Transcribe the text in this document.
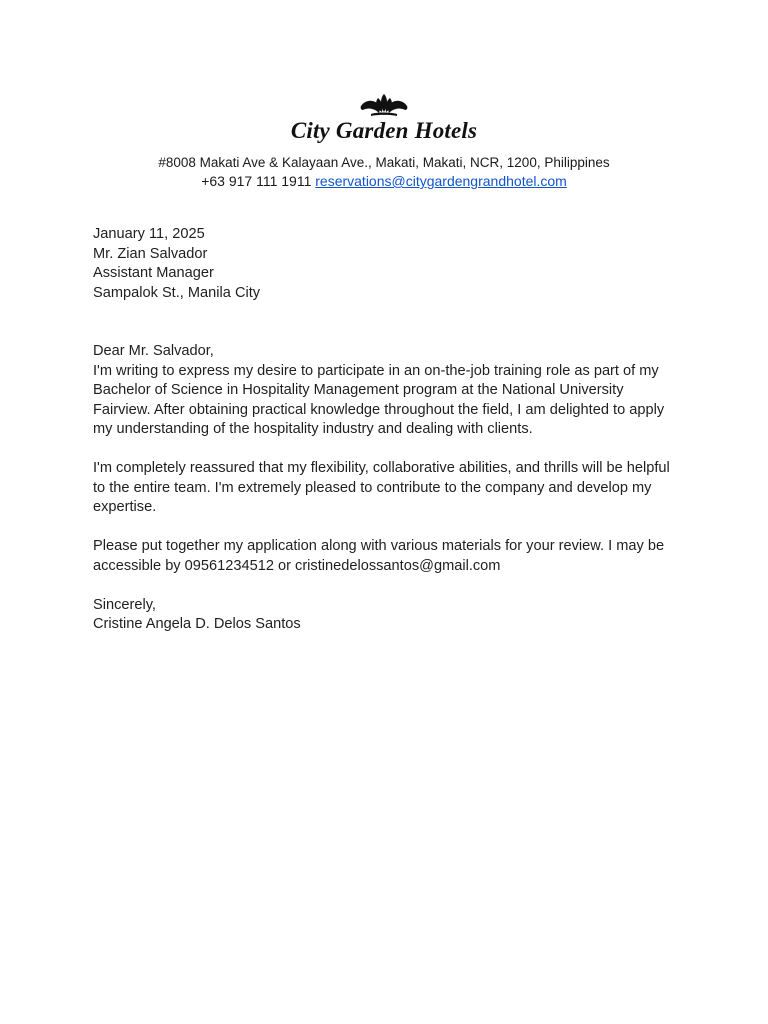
City Garden Hotels
#8008 Makati Ave & Kalayaan Ave., Makati, Makati, NCR, 1200, Philippines
+63 917 111 1911 reservations@citygardengrandhotel.com

January 11, 2025

Mr. Zian Salvador

Assistant Manager

Sampalok St., Manila City

Dear Mr. Salvador,

I'm writing to express my desire to participate in an on-the-job training role as part of my Bachelor of Science in Hospitality Management program at the National University Fairview. After obtaining practical knowledge throughout the field, I am delighted to apply my understanding of the hospitality industry and dealing with clients.

I'm completely reassured that my flexibility, collaborative abilities, and thrills will be helpful to the entire team. I'm extremely pleased to contribute to the company and develop my expertise.

Please put together my application along with various materials for your review. I may be accessible by 09561234512 or cristinedelossantos@gmail.com

Sincerely,

Cristine Angela D. Delos Santos
